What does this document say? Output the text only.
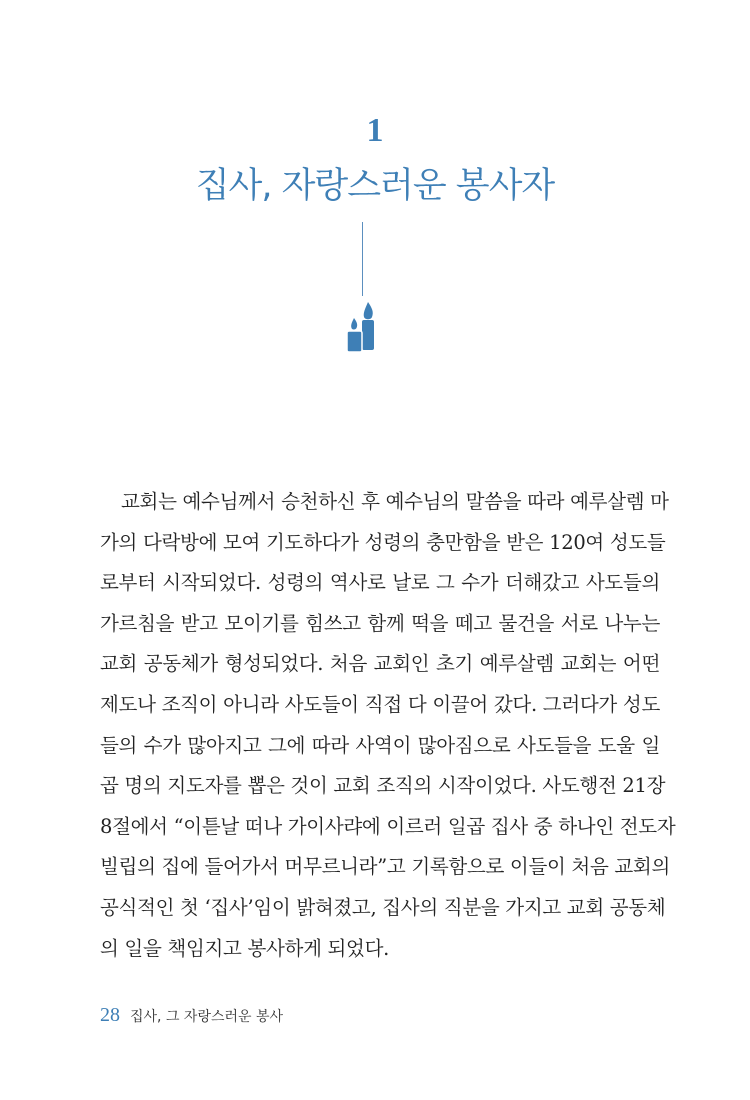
1
집사, 자랑스러운 봉사자
교회는 예수님께서 승천하신 후 예수님의 말씀을 따라 예루살렘 마
가의 다락방에 모여 기도하다가 성령의 충만함을 받은 120여 성도들
로부터 시작되었다. 성령의 역사로 날로 그 수가 더해갔고 사도들의
가르침을 받고 모이기를 힘쓰고 함께 떡을 떼고 물건을 서로 나누는
교회 공동체가 형성되었다. 처음 교회인 초기 예루살렘 교회는 어떤
제도나 조직이 아니라 사도들이 직접 다 이끌어 갔다. 그러다가 성도
들의 수가 많아지고 그에 따라 사역이 많아짐으로 사도들을 도울 일
곱 명의 지도자를 뽑은 것이 교회 조직의 시작이었다. 사도행전 21장
8절에서 “이튿날 떠나 가이사랴에 이르러 일곱 집사 중 하나인 전도자
빌립의 집에 들어가서 머무르니라”고 기록함으로 이들이 처음 교회의
공식적인 첫 ‘집사’임이 밝혀졌고, 집사의 직분을 가지고 교회 공동체
의 일을 책임지고 봉사하게 되었다.
28 집사, 그 자랑스러운 봉사
